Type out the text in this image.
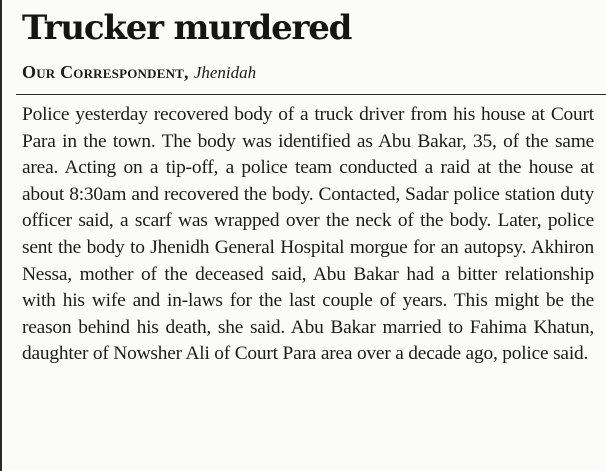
Trucker murdered
Our Correspondent, Jhenidah

Police yesterday recovered body of a truck driver from his house at Court Para in the town. The body was identified as Abu Bakar, 35, of the same area. Acting on a tip-off, a police team conducted a raid at the house at about 8:30am and recovered the body. Contacted, Sadar police station duty officer said, a scarf was wrapped over the neck of the body. Later, police sent the body to Jhenidh General Hospital morgue for an autopsy. Akhiron Nessa, mother of the deceased said, Abu Bakar had a bitter relationship with his wife and in-laws for the last couple of years. This might be the reason behind his death, she said. Abu Bakar married to Fahima Khatun, daughter of Nowsher Ali of Court Para area over a decade ago, police said.
